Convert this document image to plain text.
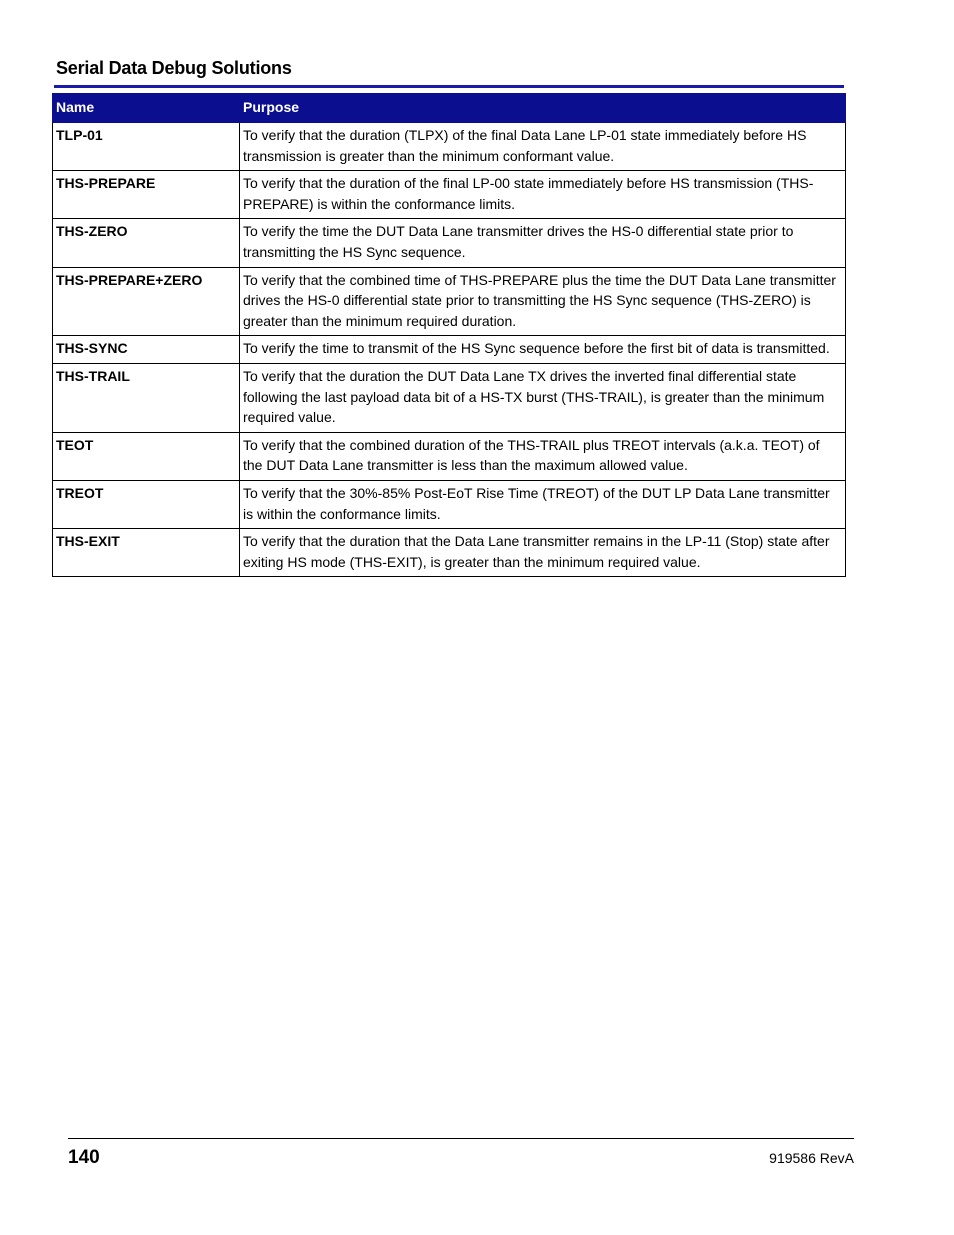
Serial Data Debug Solutions
Name	Purpose
TLP-01	To verify that the duration (TLPX) of the final Data Lane LP-01 state immediately before HS transmission is greater than the minimum conformant value.
THS-PREPARE	To verify that the duration of the final LP-00 state immediately before HS transmission (THS-PREPARE) is within the conformance limits.
THS-ZERO	To verify the time the DUT Data Lane transmitter drives the HS-0 differential state prior to transmitting the HS Sync sequence.
THS-PREPARE+ZERO	To verify that the combined time of THS-PREPARE plus the time the DUT Data Lane transmitter drives the HS-0 differential state prior to transmitting the HS Sync sequence (THS-ZERO) is greater than the minimum required duration.
THS-SYNC	To verify the time to transmit of the HS Sync sequence before the first bit of data is transmitted.
THS-TRAIL	To verify that the duration the DUT Data Lane TX drives the inverted final differential state following the last payload data bit of a HS-TX burst (THS-TRAIL), is greater than the minimum required value.
TEOT	To verify that the combined duration of the THS-TRAIL plus TREOT intervals (a.k.a. TEOT) of the DUT Data Lane transmitter is less than the maximum allowed value.
TREOT	To verify that the 30%-85% Post-EoT Rise Time (TREOT) of the DUT LP Data Lane transmitter is within the conformance limits.
THS-EXIT	To verify that the duration that the Data Lane transmitter remains in the LP-11 (Stop) state after exiting HS mode (THS-EXIT), is greater than the minimum required value.
140	919586 RevA
